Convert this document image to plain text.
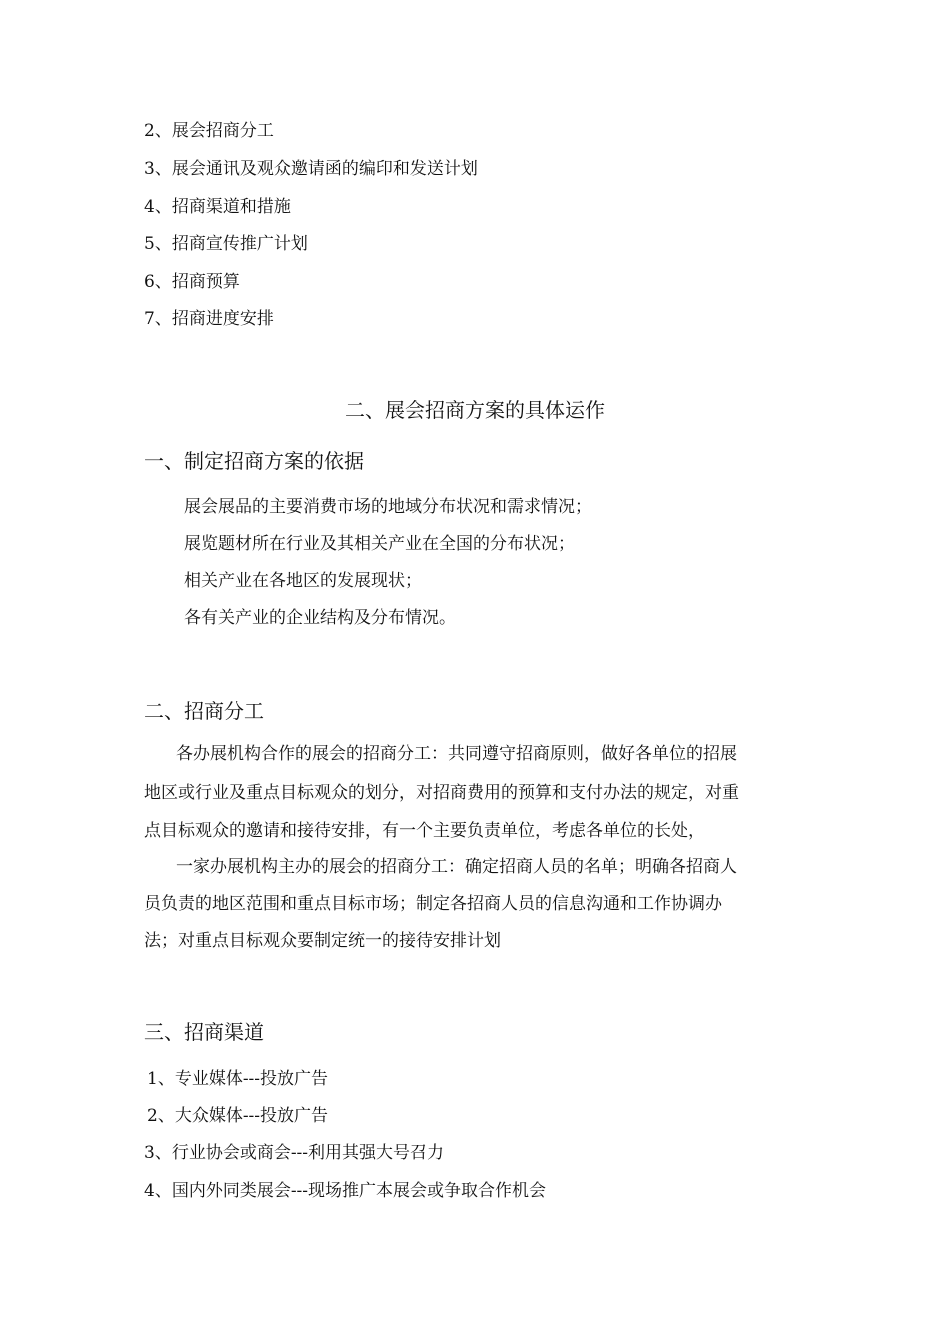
2、展会招商分工
3、展会通讯及观众邀请函的编印和发送计划
4、招商渠道和措施
5、招商宣传推广计划
6、招商预算
7、招商进度安排
二、展会招商方案的具体运作
一、制定招商方案的依据
展会展品的主要消费市场的地域分布状况和需求情况；
展览题材所在行业及其相关产业在全国的分布状况；
相关产业在各地区的发展现状；
各有关产业的企业结构及分布情况。
二、招商分工
各办展机构合作的展会的招商分工：共同遵守招商原则，做好各单位的招展
地区或行业及重点目标观众的划分，对招商费用的预算和支付办法的规定，对重
点目标观众的邀请和接待安排，有一个主要负责单位，考虑各单位的长处，
一家办展机构主办的展会的招商分工：确定招商人员的名单；明确各招商人
员负责的地区范围和重点目标市场；制定各招商人员的信息沟通和工作协调办
法；对重点目标观众要制定统一的接待安排计划
三、招商渠道
1、专业媒体---投放广告
2、大众媒体---投放广告
3、行业协会或商会---利用其强大号召力
4、国内外同类展会---现场推广本展会或争取合作机会
